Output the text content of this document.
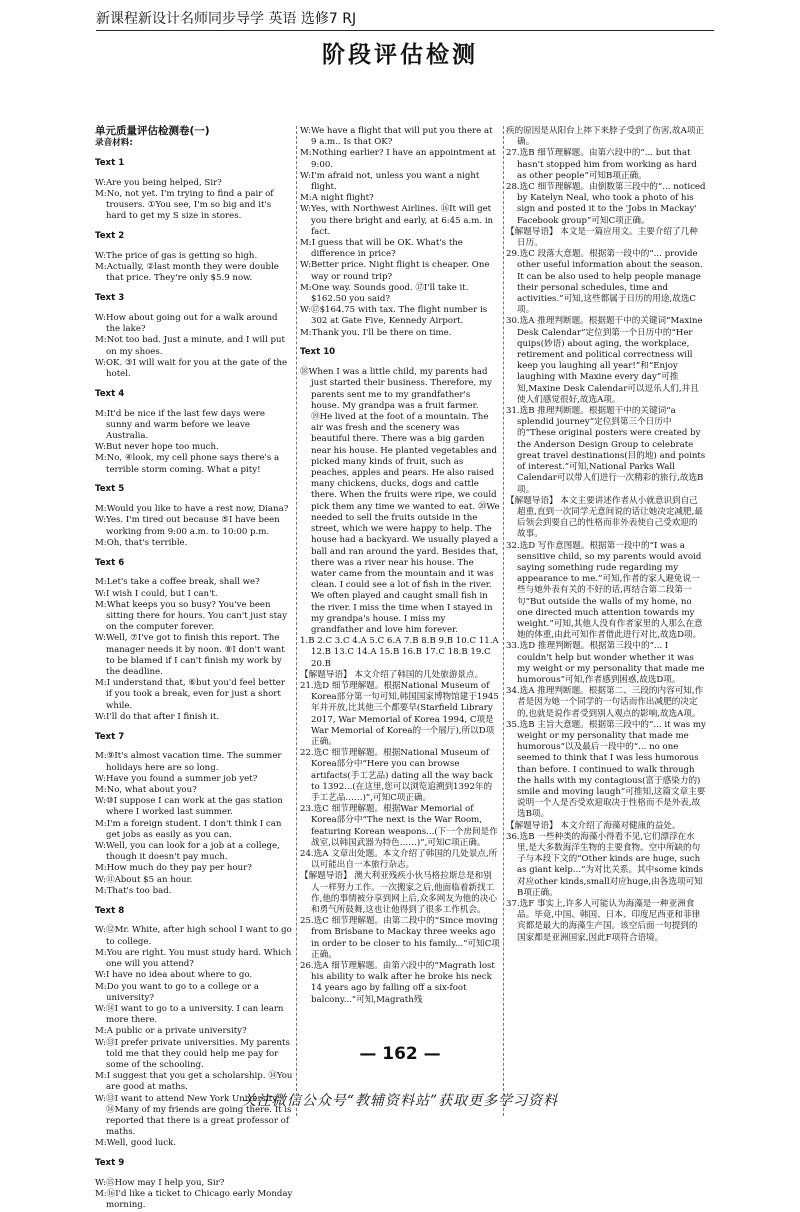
新课程新设计名师同步导学 英语 选修7 RJ
阶段评估检测
单元质量评估检测卷(一)
录音材料:

Text 1

W:Are you being helped, Sir?

M:No, not yet. I'm trying to find a pair of trousers. ①You see, I'm so big and it's hard to get my S size in stores.

Text 2

W:The price of gas is getting so high.

M:Actually, ②last month they were double that price. They're only $5.9 now.

Text 3

W:How about going out for a walk around the lake?

M:Not too bad. Just a minute, and I will put on my shoes.

W:OK. ③I will wait for you at the gate of the hotel.

Text 4

M:It'd be nice if the last few days were sunny and warm before we leave Australia.

W:But never hope too much.

M:No, ④look, my cell phone says there's a terrible storm coming. What a pity!

Text 5

M:Would you like to have a rest now, Diana?

W:Yes. I'm tired out because ⑤I have been working from 9:00 a.m. to 10:00 p.m.

M:Oh, that's terrible.

Text 6

M:Let's take a coffee break, shall we?

W:I wish I could, but I can't.

M:What keeps you so busy? You've been sitting there for hours. You can't just stay on the computer forever.

W:Well, ⑦I've got to finish this report. The manager needs it by noon. ⑧I don't want to be blamed if I can't finish my work by the deadline.

M:I understand that, ⑥but you'd feel better if you took a break, even for just a short while.

W:I'll do that after I finish it.

Text 7

M:⑨It's almost vacation time. The summer holidays here are so long.

W:Have you found a summer job yet?

M:No, what about you?

W:⑩I suppose I can work at the gas station where I worked last summer.

M:I'm a foreign student. I don't think I can get jobs as easily as you can.

W:Well, you can look for a job at a college, though it doesn't pay much.

M:How much do they pay per hour?

W:⑪About $5 an hour.

M:That's too bad.

Text 8

W:⑫Mr. White, after high school I want to go to college.

M:You are right. You must study hard. Which one will you attend?

W:I have no idea about where to go.

M:Do you want to go to a college or a university?

W:⑭I want to go to a university. I can learn more there.

M:A public or a private university?

W:⑬I prefer private universities. My parents told me that they could help me pay for some of the schooling.

M:I suggest that you get a scholarship. ⑭You are good at maths.

W:⑬I want to attend New York University. ⑭Many of my friends are going there. It is reported that there is a great professor of maths.

M:Well, good luck.

Text 9

W:⑮How may I help you, Sir?

M:⑯I'd like a ticket to Chicago early Monday morning.

W:We have a flight that will put you there at 9 a.m.. Is that OK?

M:Nothing earlier? I have an appointment at 9:00.

W:I'm afraid not, unless you want a night flight.

M:A night flight?

W:Yes, with Northwest Airlines. ⑯It will get you there bright and early, at 6:45 a.m. in fact.

M:I guess that will be OK. What's the difference in price?

W:Better price. Night flight is cheaper. One way or round trip?

M:One way. Sounds good. ⑰I'll take it. $162.50 you said?

W:⑰$164.75 with tax. The flight number is 302 at Gate Five, Kennedy Airport.

M:Thank you. I'll be there on time.

Text 10

⑱When I was a little child, my parents had just started their business. Therefore, my parents sent me to my grandfather's house. My grandpa was a fruit farmer. ⑲He lived at the foot of a mountain. The air was fresh and the scenery was beautiful there. There was a big garden near his house. He planted vegetables and picked many kinds of fruit, such as peaches, apples and pears. He also raised many chickens, ducks, dogs and cattle there. When the fruits were ripe, we could pick them any time we wanted to eat. ⑳We needed to sell the fruits outside in the street, which we were happy to help. The house had a backyard. We usually played a ball and ran around the yard. Besides that, there was a river near his house. The water came from the mountain and it was clean. I could see a lot of fish in the river. We often played and caught small fish in the river. I miss the time when I stayed in my grandpa's house. I miss my grandfather and love him forever.

1.B 2.C 3.C 4.A 5.C 6.A 7.B 8.B 9.B 10.C 11.A 12.B 13.C 14.A 15.B 16.B 17.C 18.B 19.C 20.B

【解题导语】 本文介绍了韩国的几处旅游景点。

21.选D 细节理解题。根据National Museum of Korea部分第一句可知,韩国国家博物馆建于1945年并开放,比其他三个都要早(Starfield Library 2017, War Memorial of Korea 1994, C项是War Memorial of Korea的一个展厅),所以D项正确。

22.选C 细节理解题。根据National Museum of Korea部分中“Here you can browse artifacts(手工艺品) dating all the way back to 1392...(在这里,您可以浏览追溯到1392年的手工艺品……)”,可知C项正确。

23.选C 细节理解题。根据War Memorial of Korea部分中“The next is the War Room, featuring Korean weapons...(下一个房间是作战室,以韩国武器为特色……)”,可知C项正确。

24.选A 文章出处题。本文介绍了韩国的几处景点,所以可能出自一本旅行杂志。

【解题导语】 澳大利亚残疾小伙马格拉斯总是和别人一样努力工作。一次搬家之后,他面临着新找工作,他的事情被分享到网上后,众多网友为他的决心和勇气所鼓舞,这也让他得到了很多工作机会。

25.选C 细节理解题。由第二段中的“Since moving from Brisbane to Mackay three weeks ago in order to be closer to his family...”可知C项正确。

26.选A 细节理解题。由第六段中的“Magrath lost his ability to walk after he broke his neck 14 years ago by falling off a six-foot balcony...”可知,Magrath残

疾的原因是从阳台上摔下来脖子受到了伤害,故A项正确。

27.选B 细节理解题。由第六段中的“... but that hasn't stopped him from working as hard as other people”可知B项正确。

28.选C 细节理解题。由倒数第三段中的“... noticed by Katelyn Neal, who took a photo of his sign and posted it to the 'Jobs in Mackay' Facebook group”可知C项正确。

【解题导语】 本文是一篇应用文。主要介绍了几种日历。

29.选C 段落大意题。根据第一段中的“... provide other useful information about the season. It can be also used to help people manage their personal schedules, time and activities.”可知,这些都属于日历的用途,故选C项。

30.选A 推理判断题。根据题干中的关键词“Maxine Desk Calendar”定位到第一个日历中的“Her quips(妙语) about aging, the workplace, retirement and political correctness will keep you laughing all year!”和“Enjoy laughing with Maxine every day”可推知,Maxine Desk Calendar可以逗乐人们,并且使人们感觉很好,故选A项。

31.选B 推理判断题。根据题干中的关键词“a splendid journey”定位到第三个日历中的“These original posters were created by the Anderson Design Group to celebrate great travel destinations(目的地) and points of interest.”可知,National Parks Wall Calendar可以带人们进行一次精彩的旅行,故选B项。

【解题导语】 本文主要讲述作者从小就意识到自己超重,直到一次同学无意间说的话让她决定减肥,最后领会到要自己的性格而非外表使自己受欢迎的故事。

32.选D 写作意图题。根据第一段中的“I was a sensitive child, so my parents would avoid saying something rude regarding my appearance to me.”可知,作者的家人避免说一些与她外表有关的不好的话,再结合第二段第一句“But outside the walls of my home, no one directed much attention towards my weight.”可知,其他人没有作者家里的人那么在意她的体重,由此可知作者借此进行对比,故选D项。

33.选D 推理判断题。根据第三段中的“... I couldn't help but wonder whether it was my weight or my personality that made me humorous”可知,作者感到困惑,故选D项。

34.选A 推理判断题。根据第二、三段的内容可知,作者是因为她一个同学的一句话而作出减肥的决定的,也就是说作者受到别人观点的影响,故选A项。

35.选B 主旨大意题。根据第三段中的“... it was my weight or my personality that made me humorous”以及最后一段中的“... no one seemed to think that I was less humorous than before. I continued to walk through the halls with my contagious(富于感染力的) smile and moving laugh”可推知,这篇文章主要说明一个人是否受欢迎取决于性格而不是外表,故选B项。

【解题导语】 本文介绍了海藻对健康的益处。

36.选B 一些种类的海藻小得看不见,它们漂浮在水里,是大多数海洋生物的主要食物。空中所缺的句子与本段下文的“Other kinds are huge, such as giant kelp...”为对比关系。其中some kinds对应other kinds,small对应huge,由各选项可知B项正确。

37.选F 事实上,许多人可能认为海藻是一种亚洲食品。毕竟,中国、韩国、日本、印度尼西亚和菲律宾都是最大的海藻生产国。该空后面一句提到的国家都是亚洲国家,因此F项符合语境。

— 162 —
关注微信公众号“教辅资料站”获取更多学习资料
